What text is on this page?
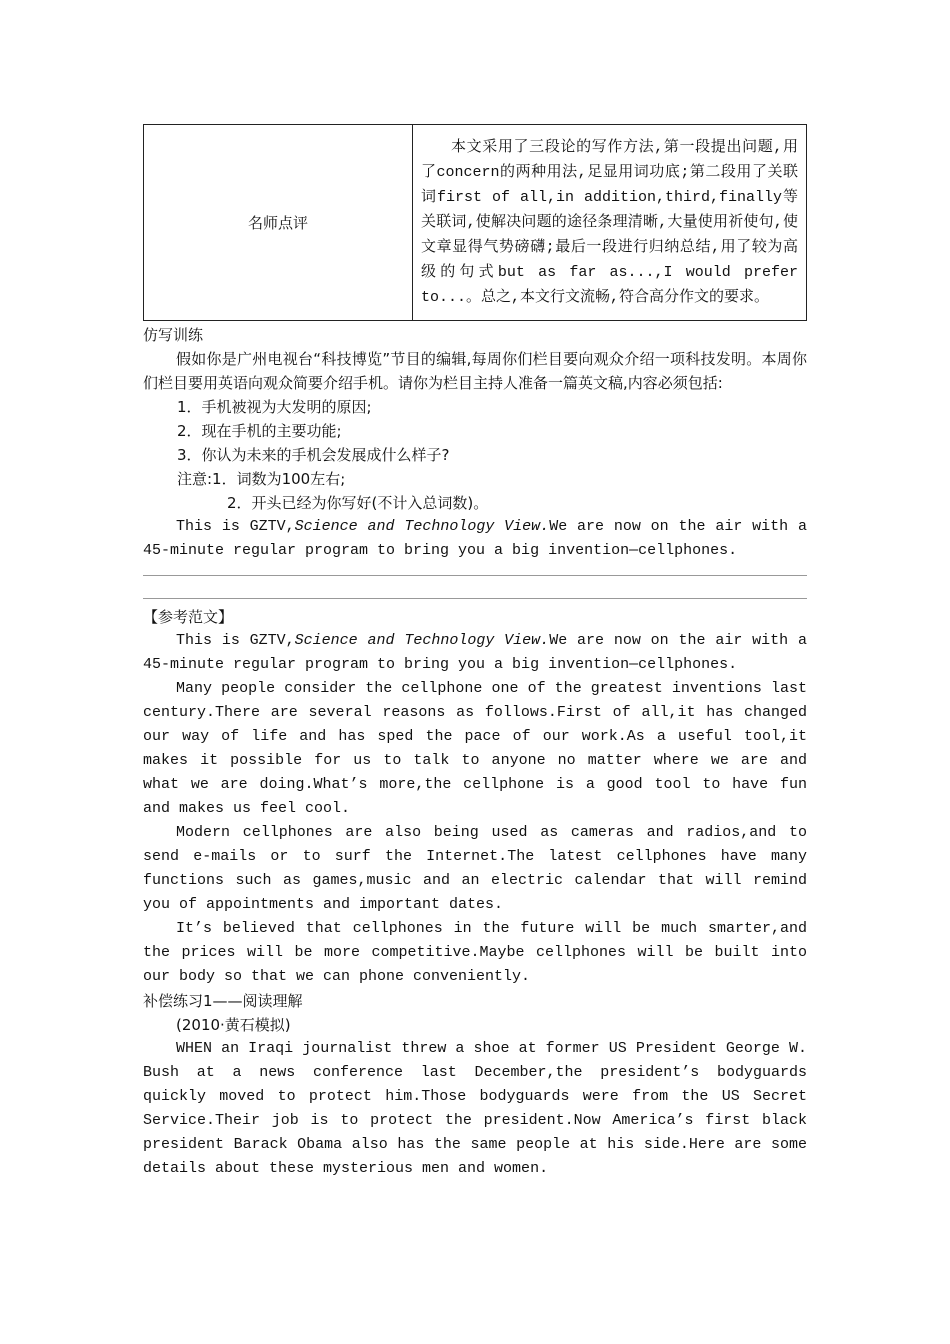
名师点评	本文采用了三段论的写作方法,第一段提出问题,用了concern的两种用法,足显用词功底;第二段用了关联词first of all,in addition,third,finally等关联词,使解决问题的途径条理清晰,大量使用祈使句,使文章显得气势磅礴;最后一段进行归纳总结,用了较为高级的句式but as far as...,I would prefer to...。总之,本文行文流畅,符合高分作文的要求。

仿写训练

假如你是广州电视台“科技博览”节目的编辑,每周你们栏目要向观众介绍一项科技发明。本周你们栏目要用英语向观众简要介绍手机。请你为栏目主持人准备一篇英文稿,内容必须包括:

1．手机被视为大发明的原因;

2．现在手机的主要功能;

3．你认为未来的手机会发展成什么样子?

注意:1．词数为100左右;

2．开头已经为你写好(不计入总词数)。

This is GZTV,Science and Technology View.We are now on the air with a 45-minute regular program to bring you a big invention—cellphones.

【参考范文】

This is GZTV,Science and Technology View.We are now on the air with a 45-minute regular program to bring you a big invention—cellphones.

Many people consider the cellphone one of the greatest inventions last century.There are several reasons as follows.First of all,it has changed our way of life and has sped the pace of our work.As a useful tool,it makes it possible for us to talk to anyone no matter where we are and what we are doing.What’s more,the cellphone is a good tool to have fun and makes us feel cool.

Modern cellphones are also being used as cameras and radios,and to send e-mails or to surf the Internet.The latest cellphones have many functions such as games,music and an electric calendar that will remind you of appointments and important dates.

It’s believed that cellphones in the future will be much smarter,and the prices will be more competitive.Maybe cellphones will be built into our body so that we can phone conveniently.

补偿练习1——阅读理解

(2010·黄石模拟)

WHEN an Iraqi journalist threw a shoe at former US President George W. Bush at a news conference last December,the president’s bodyguards quickly moved to protect him.Those bodyguards were from the US Secret Service.Their job is to protect the president.Now America’s first black president Barack Obama also has the same people at his side.Here are some details about these mysterious men and women.
